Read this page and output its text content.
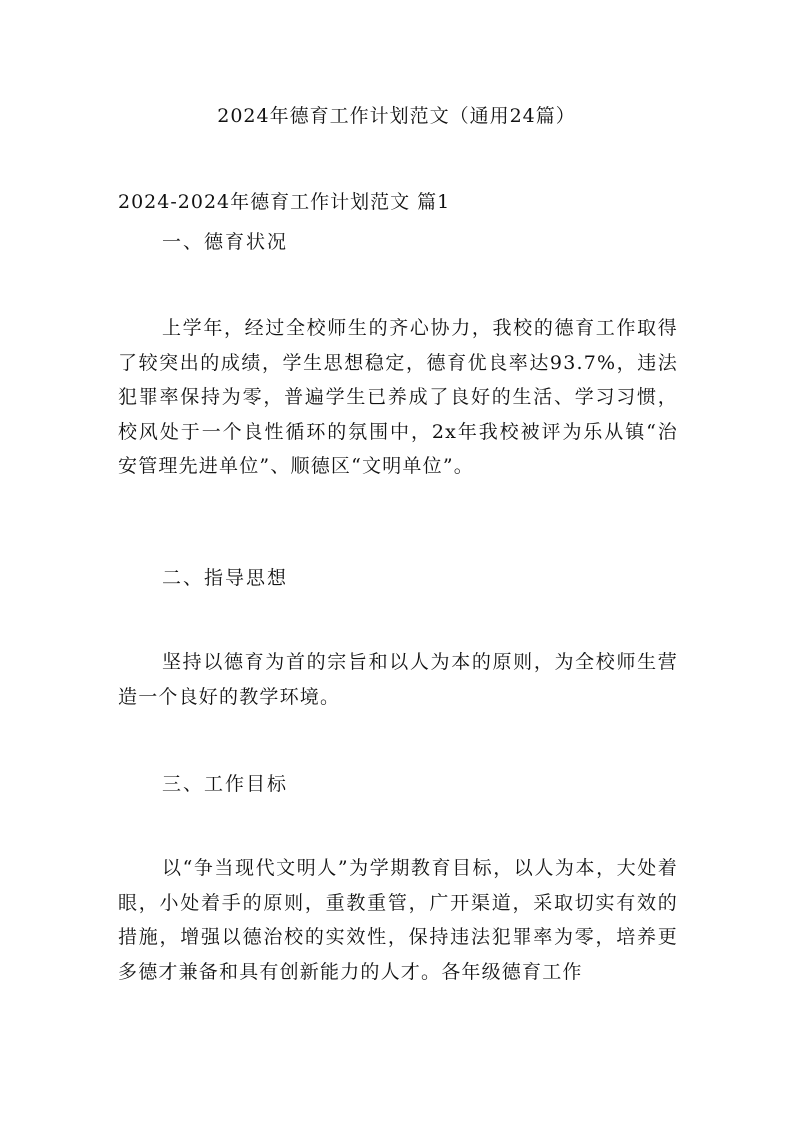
2024年德育工作计划范文（通用24篇）
2024-2024年德育工作计划范文 篇1
一、德育状况
上学年，经过全校师生的齐心协力，我校的德育工作取得了较突出的成绩，学生思想稳定，德育优良率达93.7%，违法犯罪率保持为零，普遍学生已养成了良好的生活、学习习惯，校风处于一个良性循环的氛围中，2x年我校被评为乐从镇“治安管理先进单位”、顺德区“文明单位”。
二、指导思想
坚持以德育为首的宗旨和以人为本的原则，为全校师生营造一个良好的教学环境。
三、工作目标
以“争当现代文明人”为学期教育目标，以人为本，大处着眼，小处着手的原则，重教重管，广开渠道，采取切实有效的措施，增强以德治校的实效性，保持违法犯罪率为零，培养更多德才兼备和具有创新能力的人才。各年级德育工作
